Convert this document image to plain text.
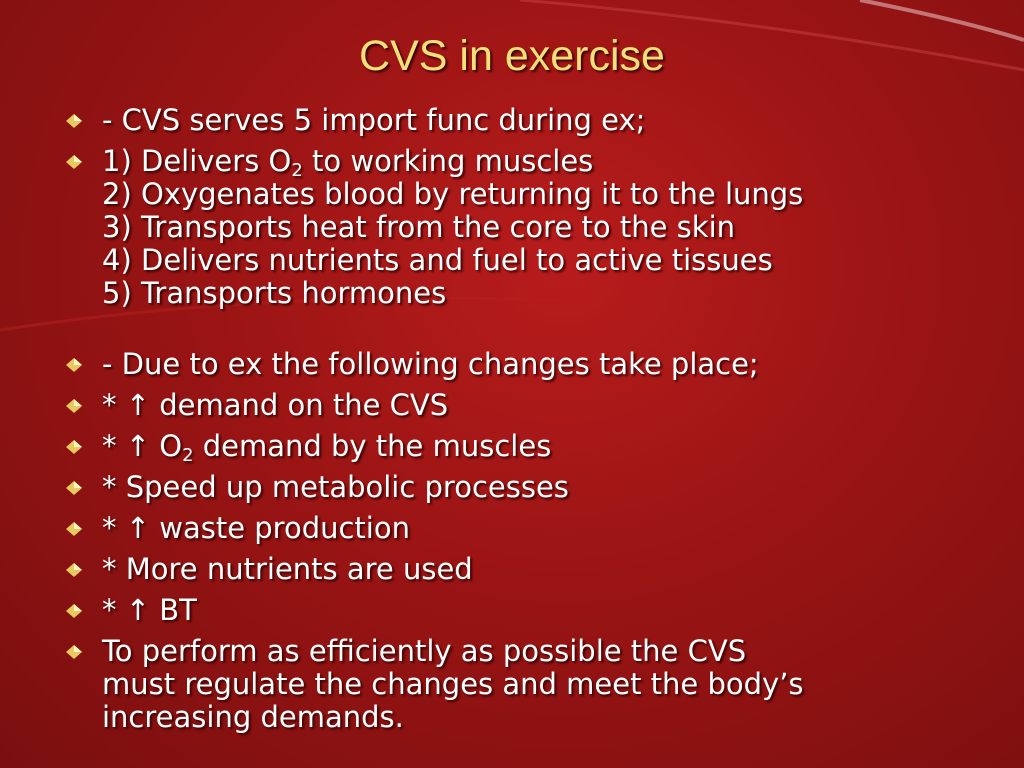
CVS in exercise
- CVS serves 5 import func during ex;
1) Delivers $O_2$ to working muscles
2) Oxygenates blood by returning it to the lungs
3) Transports heat from the core to the skin
4) Delivers nutrients and fuel to active tissues
5) Transports hormones
- Due to ex the following changes take place;
* ↑ demand on the CVS
* ↑ $O_2$ demand by the muscles
* Speed up metabolic processes
* ↑ waste production
* More nutrients are used
* ↑ BT
To perform as efficiently as possible the CVS
must regulate the changes and meet the body’s
increasing demands.
